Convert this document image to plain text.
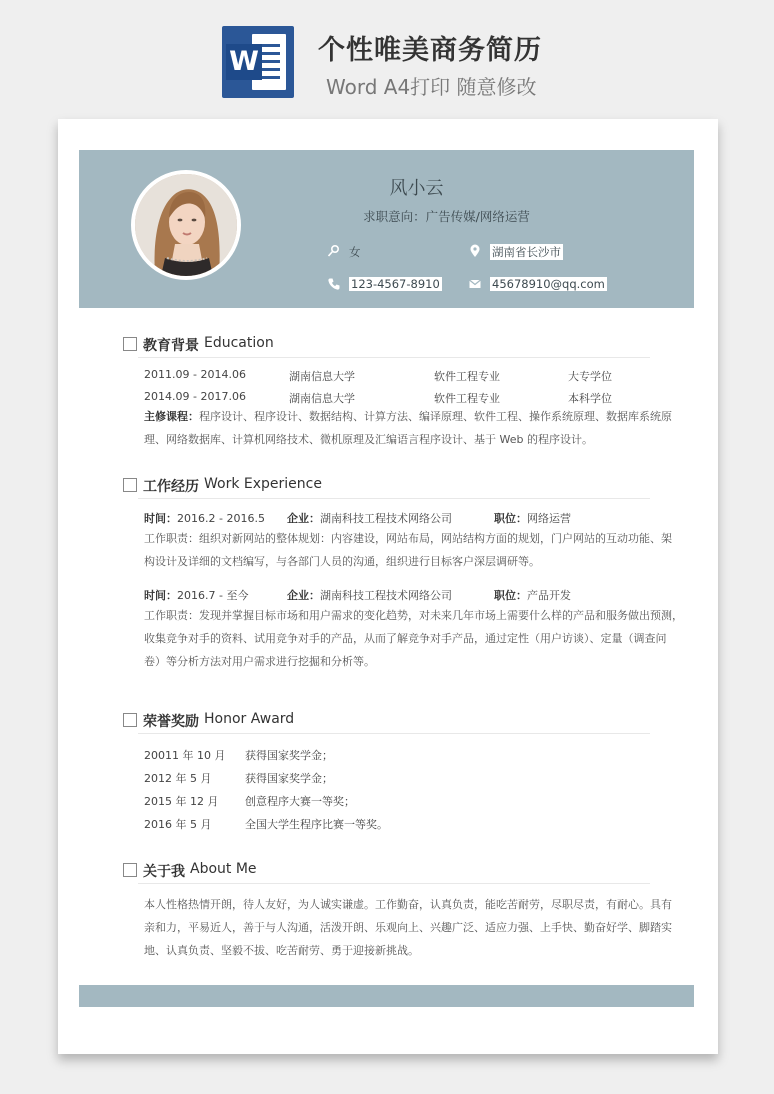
W 个性唯美商务简历
Word A4打印 随意修改
风小云
求职意向：广告传媒/网络运营
女	湖南省长沙市
123-4567-8910	45678910@qq.com
教育背景 Education
2011.09 - 2014.06	湖南信息大学	软件工程专业	大专学位
2014.09 - 2017.06	湖南信息大学	软件工程专业	本科学位
主修课程：程序设计、程序设计、数据结构、计算方法、编译原理、软件工程、操作系统原理、数据库系统原
理、网络数据库、计算机网络技术、微机原理及汇编语言程序设计、基于 Web 的程序设计。
工作经历 Work Experience
时间：2016.2 - 2016.5 企业：湖南科技工程技术网络公司	职位：网络运营
工作职责：组织对新网站的整体规划：内容建设，网站布局，网站结构方面的规划，门户网站的互动功能、架
构设计及详细的文档编写，与各部门人员的沟通，组织进行目标客户深层调研等。
时间：2016.7 - 至今	企业：湖南科技工程技术网络公司	职位：产品开发
工作职责：发现并掌握目标市场和用户需求的变化趋势，对未来几年市场上需要什么样的产品和服务做出预测，
收集竞争对手的资料、试用竞争对手的产品，从而了解竞争对手产品，通过定性（用户访谈）、定量（调查问
卷）等分析方法对用户需求进行挖掘和分析等。
荣誉奖励 Honor Award
20011 年 10 月 获得国家奖学金；
2012 年 5 月	获得国家奖学金；
2015 年 12 月 创意程序大赛一等奖；
2016 年 5 月	全国大学生程序比赛一等奖。
关于我 About Me
本人性格热情开朗，待人友好，为人诚实谦虚。工作勤奋，认真负责，能吃苦耐劳，尽职尽责，有耐心。具有
亲和力，平易近人，善于与人沟通，活泼开朗、乐观向上、兴趣广泛、适应力强、上手快、勤奋好学、脚踏实
地、认真负责、坚毅不拔、吃苦耐劳、勇于迎接新挑战。
